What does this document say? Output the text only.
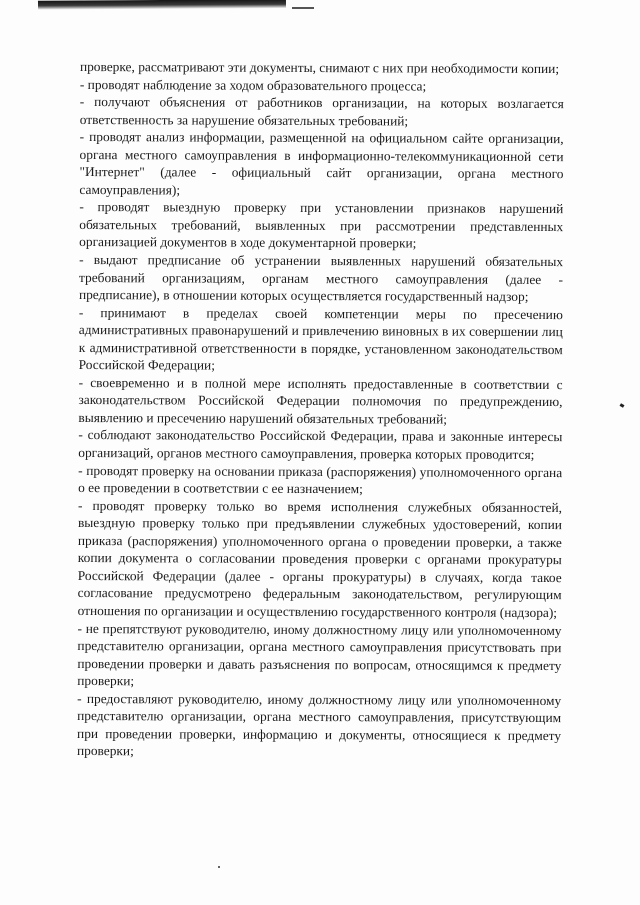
проверке, рассматривают эти документы, снимают с них при необходимости копии;

- проводят наблюдение за ходом образовательного процесса;

- получают объяснения от работников организации, на которых возлагается ответственность за нарушение обязательных требований;

- проводят анализ информации, размещенной на официальном сайте организации, органа местного самоуправления в информационно-телекоммуникационной сети "Интернет" (далее - официальный сайт организации, органа местного самоуправления);

- проводят выездную проверку при установлении признаков нарушений обязательных требований, выявленных при рассмотрении представленных организацией документов в ходе документарной проверки;

- выдают предписание об устранении выявленных нарушений обязательных требований организациям, органам местного самоуправления (далее - предписание), в отношении которых осуществляется государственный надзор;

- принимают в пределах своей компетенции меры по пресечению административных правонарушений и привлечению виновных в их совершении лиц к административной ответственности в порядке, установленном законодательством Российской Федерации;

- своевременно и в полной мере исполнять предоставленные в соответствии с законодательством Российской Федерации полномочия по предупреждению, выявлению и пресечению нарушений обязательных требований;

- соблюдают законодательство Российской Федерации, права и законные интересы организаций, органов местного самоуправления, проверка которых проводится;

- проводят проверку на основании приказа (распоряжения) уполномоченного органа о ее проведении в соответствии с ее назначением;

- проводят проверку только во время исполнения служебных обязанностей, выездную проверку только при предъявлении служебных удостоверений, копии приказа (распоряжения) уполномоченного органа о проведении проверки, а также копии документа о согласовании проведения проверки с органами прокуратуры Российской Федерации (далее - органы прокуратуры) в случаях, когда такое согласование предусмотрено федеральным законодательством, регулирующим отношения по организации и осуществлению государственного контроля (надзора);

- не препятствуют руководителю, иному должностному лицу или уполномоченному представителю организации, органа местного самоуправления присутствовать при проведении проверки и давать разъяснения по вопросам, относящимся к предмету проверки;

- предоставляют руководителю, иному должностному лицу или уполномоченному представителю организации, органа местного самоуправления, присутствующим при проведении проверки, информацию и документы, относящиеся к предмету проверки;
